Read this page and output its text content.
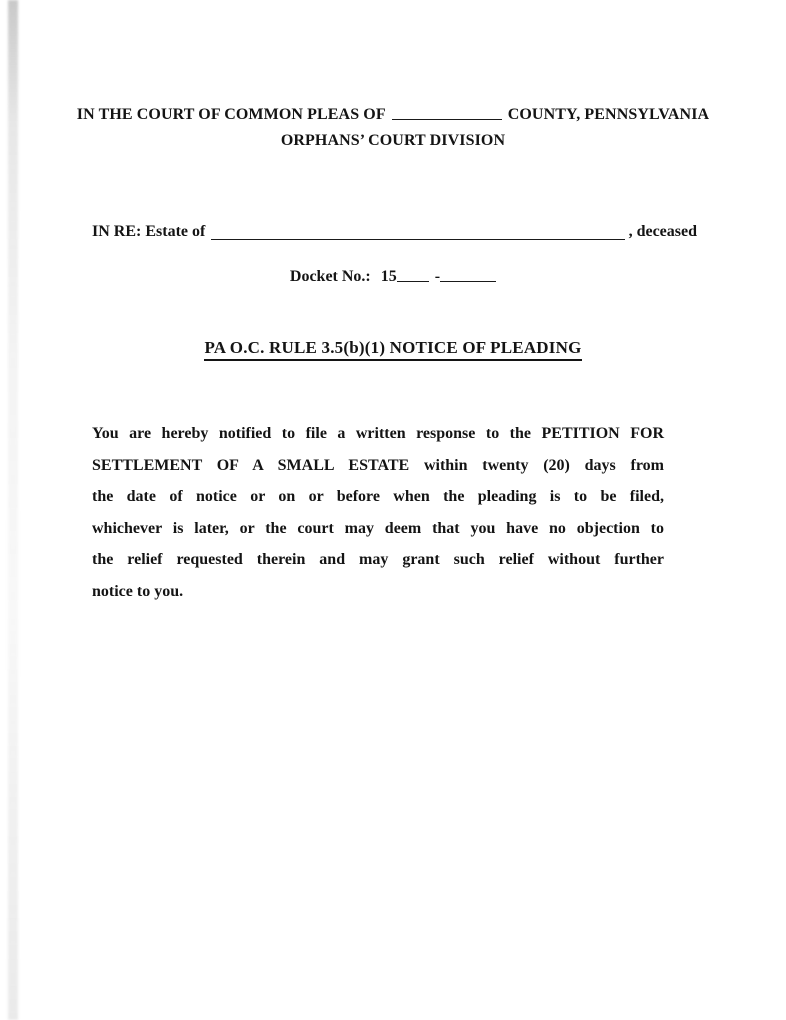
IN THE COURT OF COMMON PLEAS OF	COUNTY, PENNSYLVANIA
ORPHANS’ COURT DIVISION
IN RE: Estate of	, deceased
Docket No.: 15 -
PA O.C. RULE 3.5(b)(1) NOTICE OF PLEADING
You are hereby notified to file a written response to the PETITION FOR
SETTLEMENT OF A SMALL ESTATE within twenty (20) days from
the date of notice or on or before when the pleading is to be filed,
whichever is later, or the court may deem that you have no objection to
the relief requested therein and may grant such relief without further
notice to you.
